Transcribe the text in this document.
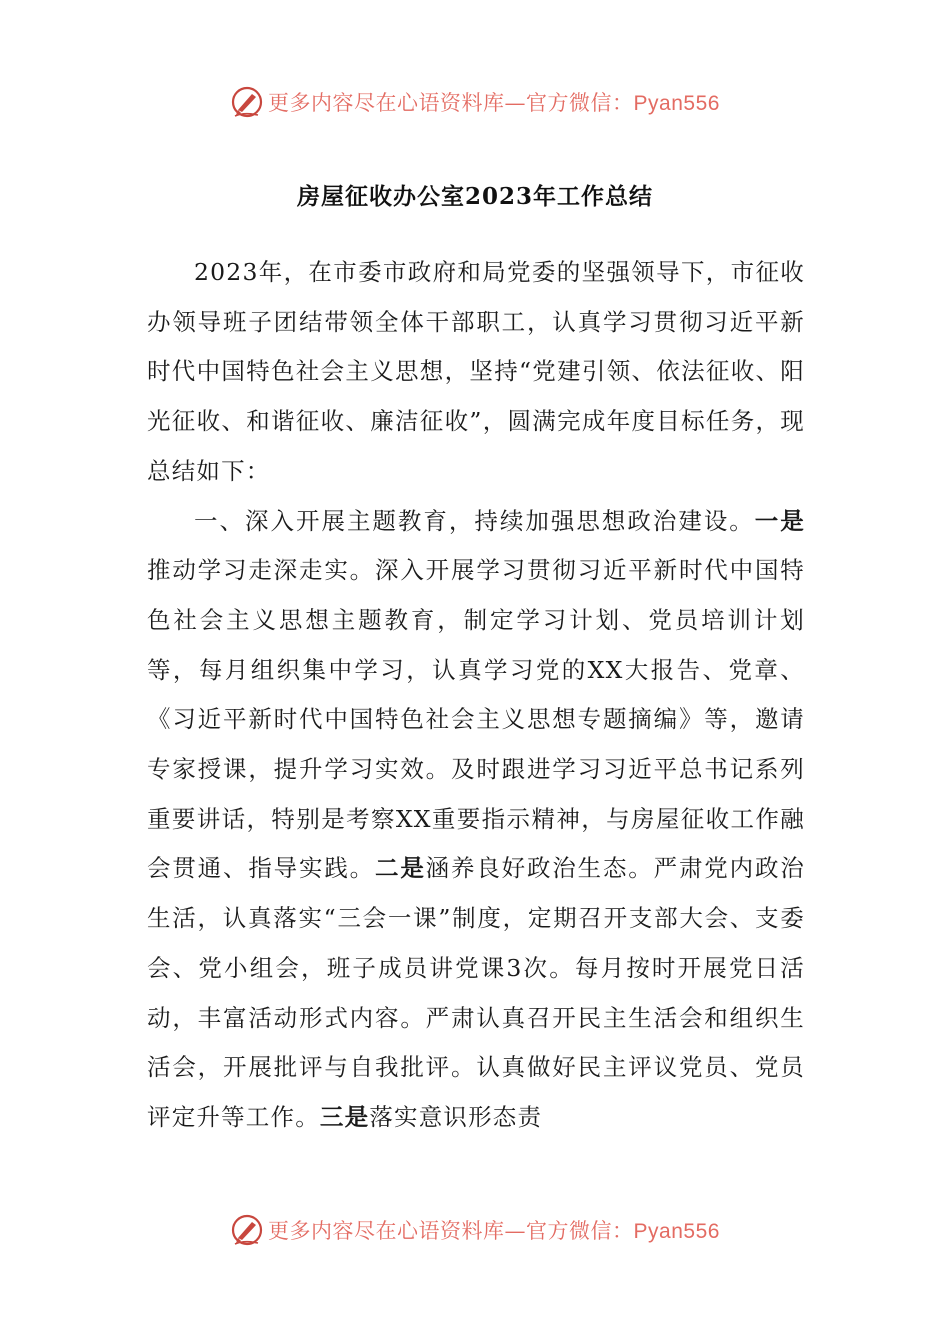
更多内容尽在心语资料库—官方微信：Pyan556
房屋征收办公室2023年工作总结

2023年，在市委市政府和局党委的坚强领导下，市征收办领导班子团结带领全体干部职工，认真学习贯彻习近平新时代中国特色社会主义思想，坚持“党建引领、依法征收、阳光征收、和谐征收、廉洁征收”，圆满完成年度目标任务，现总结如下：

一、深入开展主题教育，持续加强思想政治建设。一是推动学习走深走实。深入开展学习贯彻习近平新时代中国特色社会主义思想主题教育，制定学习计划、党员培训计划等，每月组织集中学习，认真学习党的XX大报告、党章、《习近平新时代中国特色社会主义思想专题摘编》等，邀请专家授课，提升学习实效。及时跟进学习习近平总书记系列重要讲话，特别是考察XX重要指示精神，与房屋征收工作融会贯通、指导实践。二是涵养良好政治生态。严肃党内政治生活，认真落实“三会一课”制度，定期召开支部大会、支委会、党小组会，班子成员讲党课3次。每月按时开展党日活动，丰富活动形式内容。严肃认真召开民主生活会和组织生活会，开展批评与自我批评。认真做好民主评议党员、党员评定升等工作。三是落实意识形态责

更多内容尽在心语资料库—官方微信：Pyan556
